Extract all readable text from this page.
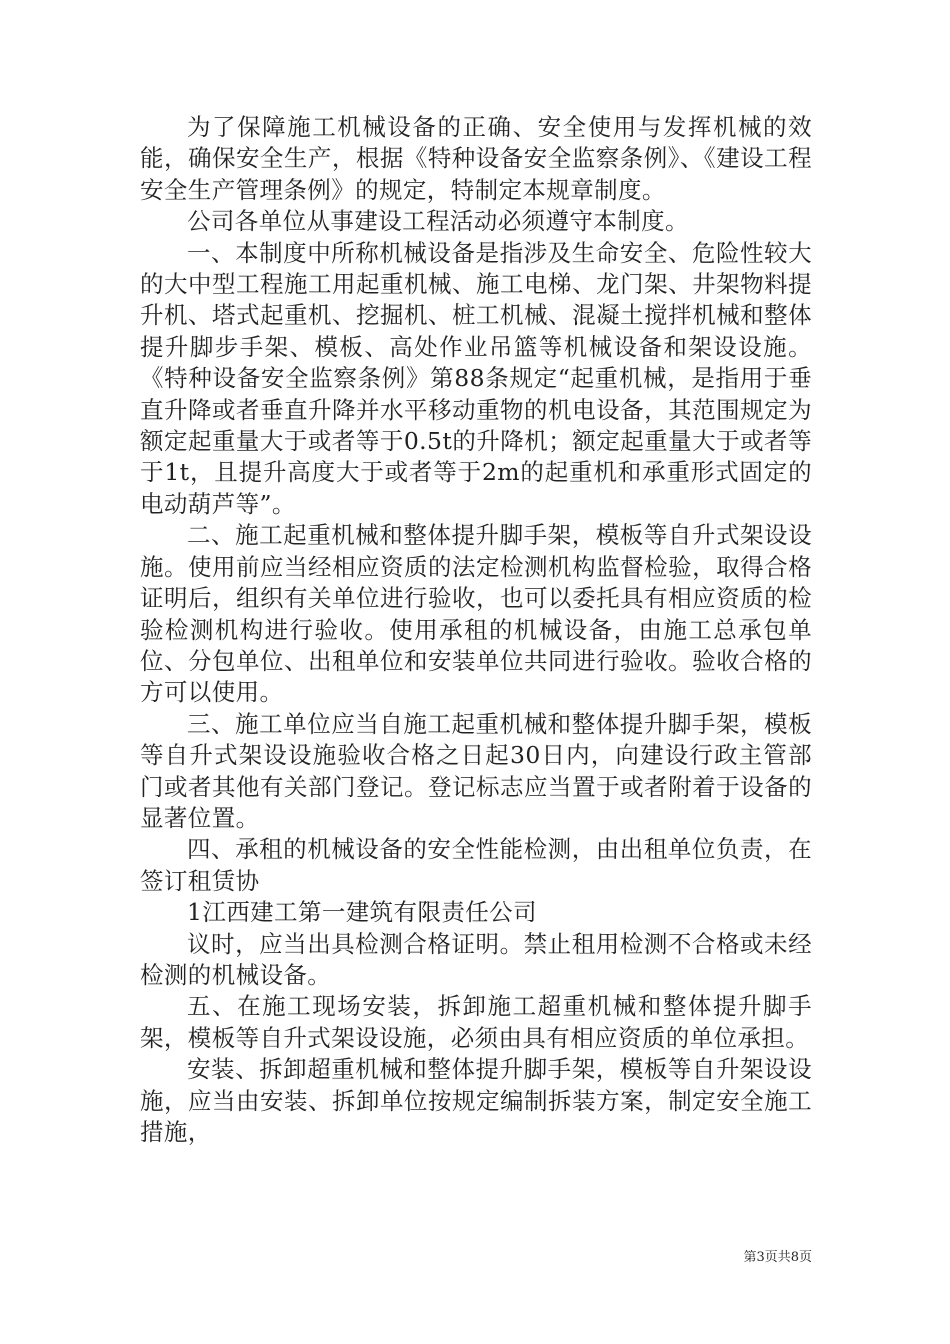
为了保障施工机械设备的正确、安全使用与发挥机械的效能，确保安全生产，根据《特种设备安全监察条例》、《建设工程安全生产管理条例》的规定，特制定本规章制度。

公司各单位从事建设工程活动必须遵守本制度。

一、本制度中所称机械设备是指涉及生命安全、危险性较大的大中型工程施工用起重机械、施工电梯、龙门架、井架物料提升机、塔式起重机、挖掘机、桩工机械、混凝土搅拌机械和整体提升脚步手架、模板、高处作业吊篮等机械设备和架设设施。《特种设备安全监察条例》第88条规定“起重机械，是指用于垂直升降或者垂直升降并水平移动重物的机电设备，其范围规定为额定起重量大于或者等于0.5t的升降机；额定起重量大于或者等于1t，且提升高度大于或者等于2m的起重机和承重形式固定的电动葫芦等”。

二、施工起重机械和整体提升脚手架，模板等自升式架设设施。使用前应当经相应资质的法定检测机构监督检验，取得合格证明后，组织有关单位进行验收，也可以委托具有相应资质的检验检测机构进行验收。使用承租的机械设备，由施工总承包单位、分包单位、出租单位和安装单位共同进行验收。验收合格的方可以使用。

三、施工单位应当自施工起重机械和整体提升脚手架，模板等自升式架设设施验收合格之日起30日内，向建设行政主管部门或者其他有关部门登记。登记标志应当置于或者附着于设备的显著位置。

四、承租的机械设备的安全性能检测，由出租单位负责，在签订租赁协

1江西建工第一建筑有限责任公司

议时，应当出具检测合格证明。禁止租用检测不合格或未经检测的机械设备。

五、在施工现场安装，拆卸施工超重机械和整体提升脚手架，模板等自升式架设设施，必须由具有相应资质的单位承担。

安装、拆卸超重机械和整体提升脚手架，模板等自升架设设施，应当由安装、拆卸单位按规定编制拆装方案，制定安全施工措施，

第3页共8页
